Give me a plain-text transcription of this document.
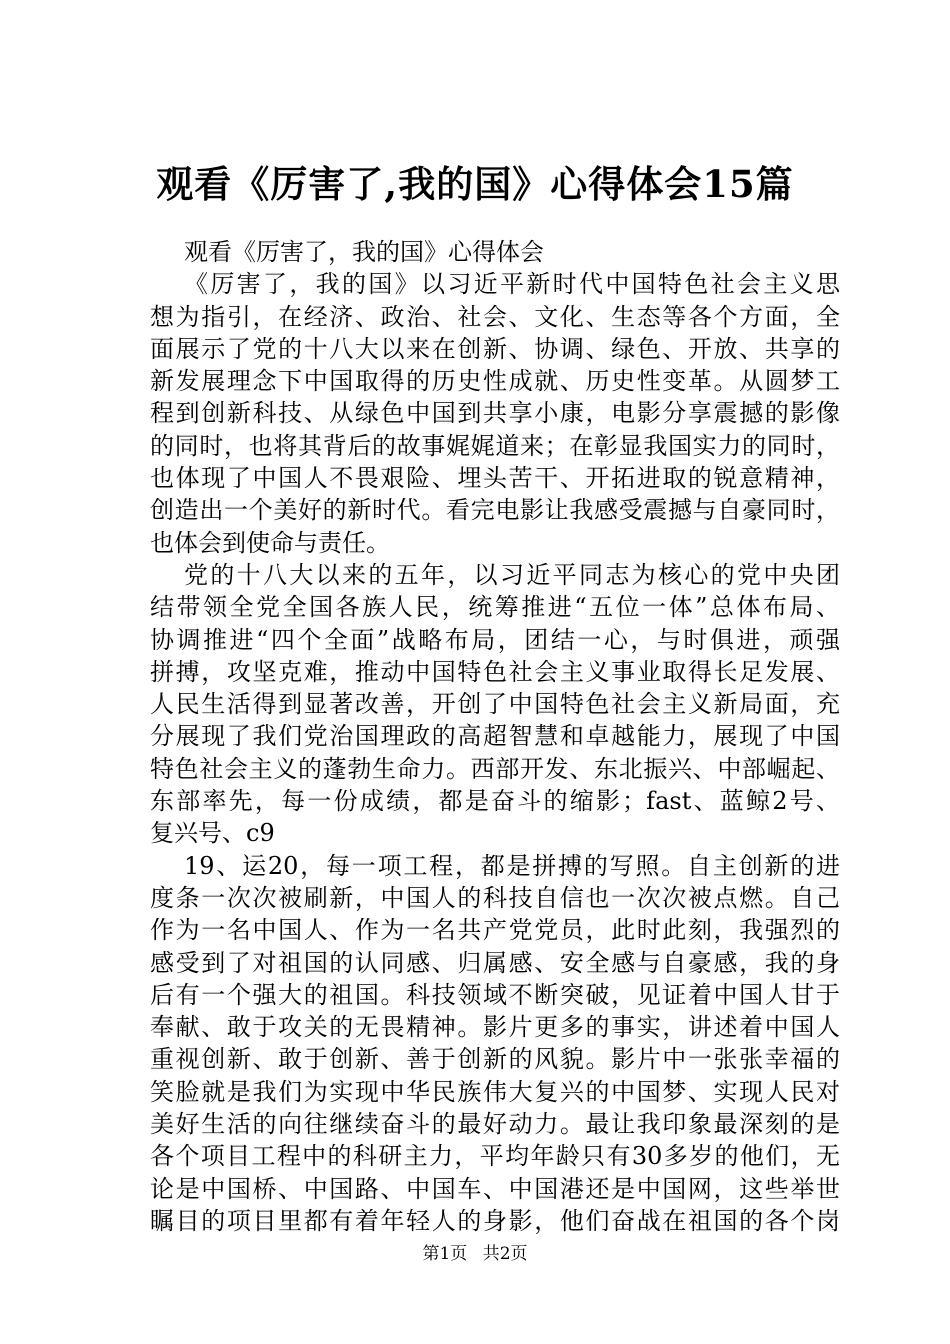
观看《厉害了,我的国》心得体会15篇
观看《厉害了，我的国》心得体会
《厉害了，我的国》以习近平新时代中国特色社会主义思
想为指引，在经济、政治、社会、文化、生态等各个方面，全
面展示了党的十八大以来在创新、协调、绿色、开放、共享的
新发展理念下中国取得的历史性成就、历史性变革。从圆梦工
程到创新科技、从绿色中国到共享小康，电影分享震撼的影像
的同时，也将其背后的故事娓娓道来；在彰显我国实力的同时，
也体现了中国人不畏艰险、埋头苦干、开拓进取的锐意精神，
创造出一个美好的新时代。看完电影让我感受震撼与自豪同时，
也体会到使命与责任。
党的十八大以来的五年，以习近平同志为核心的党中央团
结带领全党全国各族人民，统筹推进“五位一体”总体布局、
协调推进“四个全面”战略布局，团结一心，与时俱进，顽强
拼搏，攻坚克难，推动中国特色社会主义事业取得长足发展、
人民生活得到显著改善，开创了中国特色社会主义新局面，充
分展现了我们党治国理政的高超智慧和卓越能力，展现了中国
特色社会主义的蓬勃生命力。西部开发、东北振兴、中部崛起、
东部率先，每一份成绩，都是奋斗的缩影；fast、蓝鲸2号、
复兴号、c9
19、运20，每一项工程，都是拼搏的写照。自主创新的进
度条一次次被刷新，中国人的科技自信也一次次被点燃。自己
作为一名中国人、作为一名共产党党员，此时此刻，我强烈的
感受到了对祖国的认同感、归属感、安全感与自豪感，我的身
后有一个强大的祖国。科技领域不断突破，见证着中国人甘于
奉献、敢于攻关的无畏精神。影片更多的事实，讲述着中国人
重视创新、敢于创新、善于创新的风貌。影片中一张张幸福的
笑脸就是我们为实现中华民族伟大复兴的中国梦、实现人民对
美好生活的向往继续奋斗的最好动力。最让我印象最深刻的是
各个项目工程中的科研主力，平均年龄只有30多岁的他们，无
论是中国桥、中国路、中国车、中国港还是中国网，这些举世
瞩目的项目里都有着年轻人的身影，他们奋战在祖国的各个岗
第1页 共2页
